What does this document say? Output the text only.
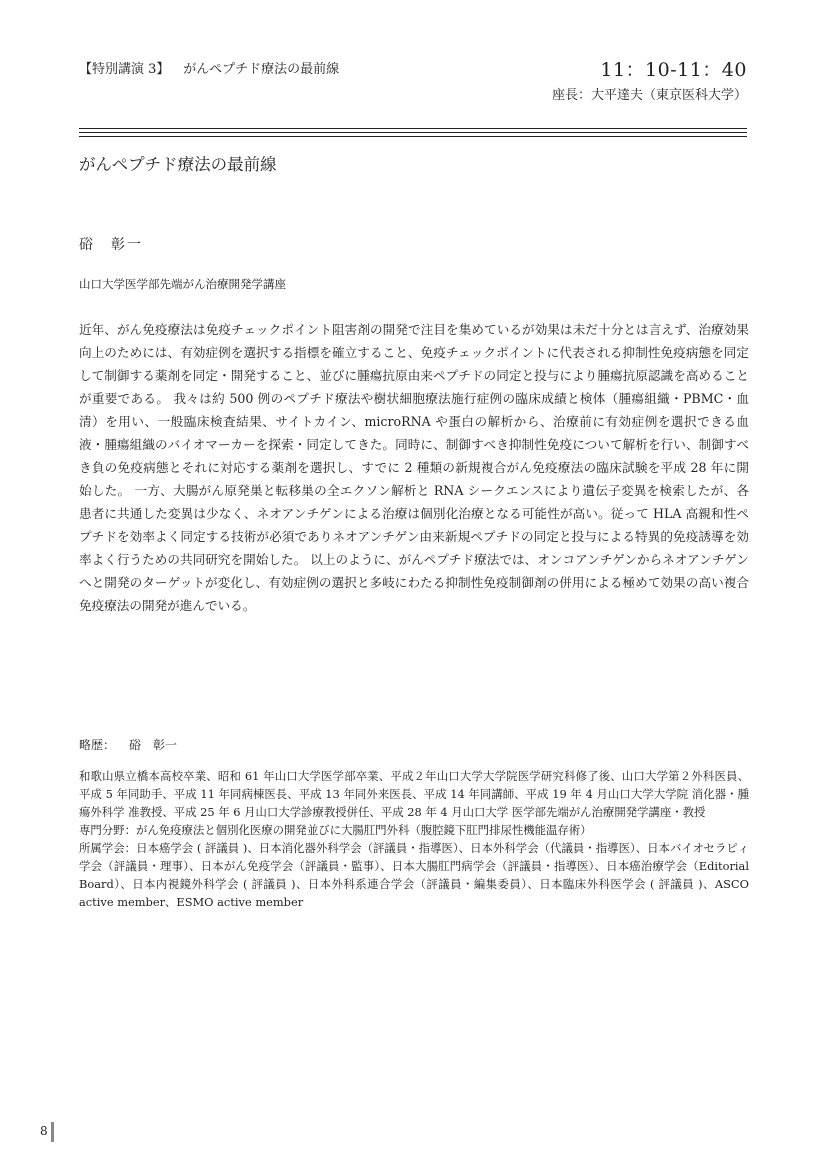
【特別講演 3】 がんペプチド療法の最前線	11：10-11：40
座長：大平達夫（東京医科大学）
がんペプチド療法の最前線
硲　彰一
山口大学医学部先端がん治療開発学講座

近年、がん免疫療法は免疫チェックポイント阻害剤の開発で注目を集めているが効果は未だ十分とは言えず、治療効果向上のためには、有効症例を選択する指標を確立すること、免疫チェックポイントに代表される抑制性免疫病態を同定して制御する薬剤を同定・開発すること、並びに腫瘍抗原由来ペプチドの同定と投与により腫瘍抗原認識を高めることが重要である。 我々は約 500 例のペプチド療法や樹状細胞療法施行症例の臨床成績と検体（腫瘍組織・PBMC・血清）を用い、一般臨床検査結果、サイトカイン、microRNA や蛋白の解析から、治療前に有効症例を選択できる血液・腫瘍組織のバイオマーカーを探索・同定してきた。同時に、制御すべき抑制性免疫について解析を行い、制御すべき負の免疫病態とそれに対応する薬剤を選択し、すでに 2 種類の新規複合がん免疫療法の臨床試験を平成 28 年に開始した。 一方、大腸がん原発巣と転移巣の全エクソン解析と RNA シークエンスにより遺伝子変異を検索したが、各患者に共通した変異は少なく、ネオアンチゲンによる治療は個別化治療となる可能性が高い。従って HLA 高親和性ペプチドを効率よく同定する技術が必須でありネオアンチゲン由来新規ペプチドの同定と投与による特異的免疫誘導を効率よく行うための共同研究を開始した。 以上のように、がんペプチド療法では、オンコアンチゲンからネオアンチゲンへと開発のターゲットが変化し、有効症例の選択と多岐にわたる抑制性免疫制御剤の併用による極めて効果の高い複合免疫療法の開発が進んでいる。

略歴： 硲　彰一
和歌山県立橋本高校卒業、昭和 61 年山口大学医学部卒業、平成２年山口大学大学院医学研究科修了後、山口大学第２外科医員、平成 5 年同助手、平成 11 年同病棟医長、平成 13 年同外来医長、平成 14 年同講師、平成 19 年 4 月山口大学大学院 消化器・腫瘍外科学 准教授、平成 25 年 6 月山口大学診療教授併任、平成 28 年 4 月山口大学 医学部先端がん治療開発学講座・教授
専門分野：がん免疫療法と個別化医療の開発並びに大腸肛門外科（腹腔鏡下肛門排尿性機能温存術）
所属学会：日本癌学会 ( 評議員 )、日本消化器外科学会（評議員・指導医）、日本外科学会（代議員・指導医）、日本バイオセラピィ学会（評議員・理事）、日本がん免疫学会（評議員・監事）、日本大腸肛門病学会（評議員・指導医）、日本癌治療学会（Editorial Board）、日本内視鏡外科学会 ( 評議員 )、日本外科系連合学会（評議員・編集委員）、日本臨床外科医学会 ( 評議員 )、ASCO active member、ESMO active member
8
